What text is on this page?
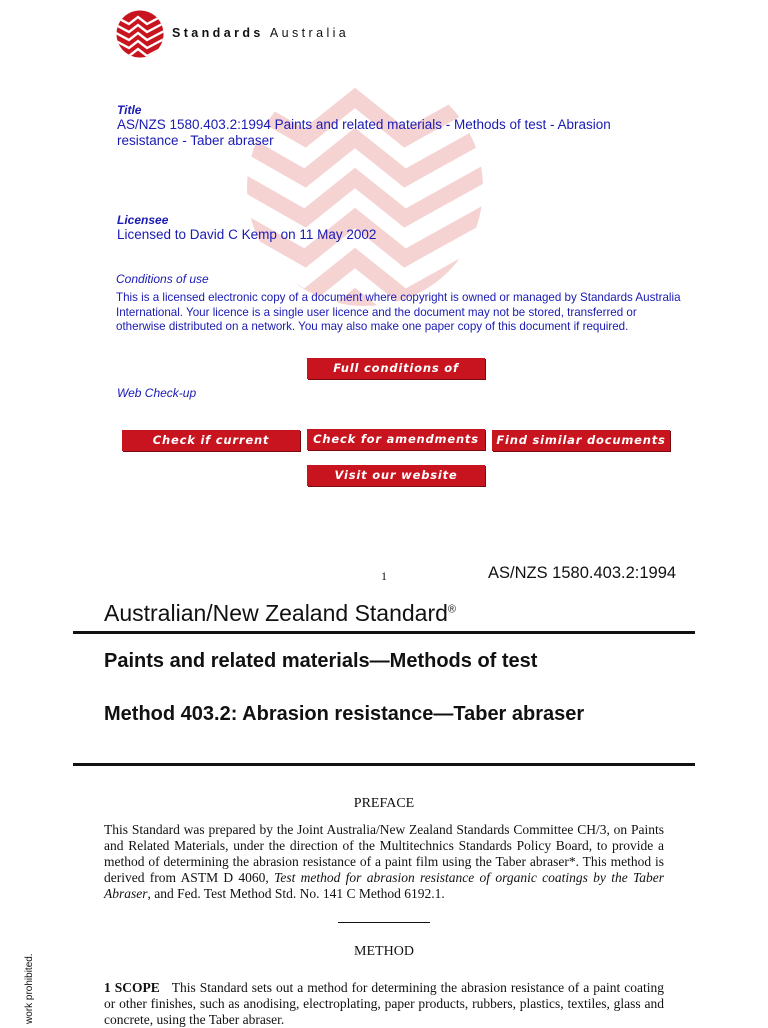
Standards Australia
Title
AS/NZS 1580.403.2:1994 Paints and related materials - Methods of test - Abrasion resistance - Taber abraser
Licensee
Licensed to David C Kemp on 11 May 2002
Conditions of use
This is a licensed electronic copy of a document where copyright is owned or managed by Standards Australia International. Your licence is a single user licence and the document may not be stored, transferred or otherwise distributed on a network. You may also make one paper copy of this document if required.
Full conditions of licence
Web Check-up
Check if current	Check for amendments	Find similar documents
Visit our website
1	AS/NZS 1580.403.2:1994
Australian/New Zealand Standard®
Paints and related materials—Methods of test
Method 403.2: Abrasion resistance—Taber abraser
PREFACE

This Standard was prepared by the Joint Australia/New Zealand Standards Committee CH/3, on Paints and Related Materials, under the direction of the Multitechnics Standards Policy Board, to provide a method of determining the abrasion resistance of a paint film using the Taber abraser*. This method is derived from ASTM D 4060, Test method for abrasion resistance of organic coatings by the Taber Abraser, and Fed. Test Method Std. No. 141 C Method 6192.1.

METHOD

1 SCOPE This Standard sets out a method for determining the abrasion resistance of a paint coating or other finishes, such as anodising, electroplating, paper products, rubbers, plastics, textiles, glass and concrete, using the Taber abraser.

work prohibited.
